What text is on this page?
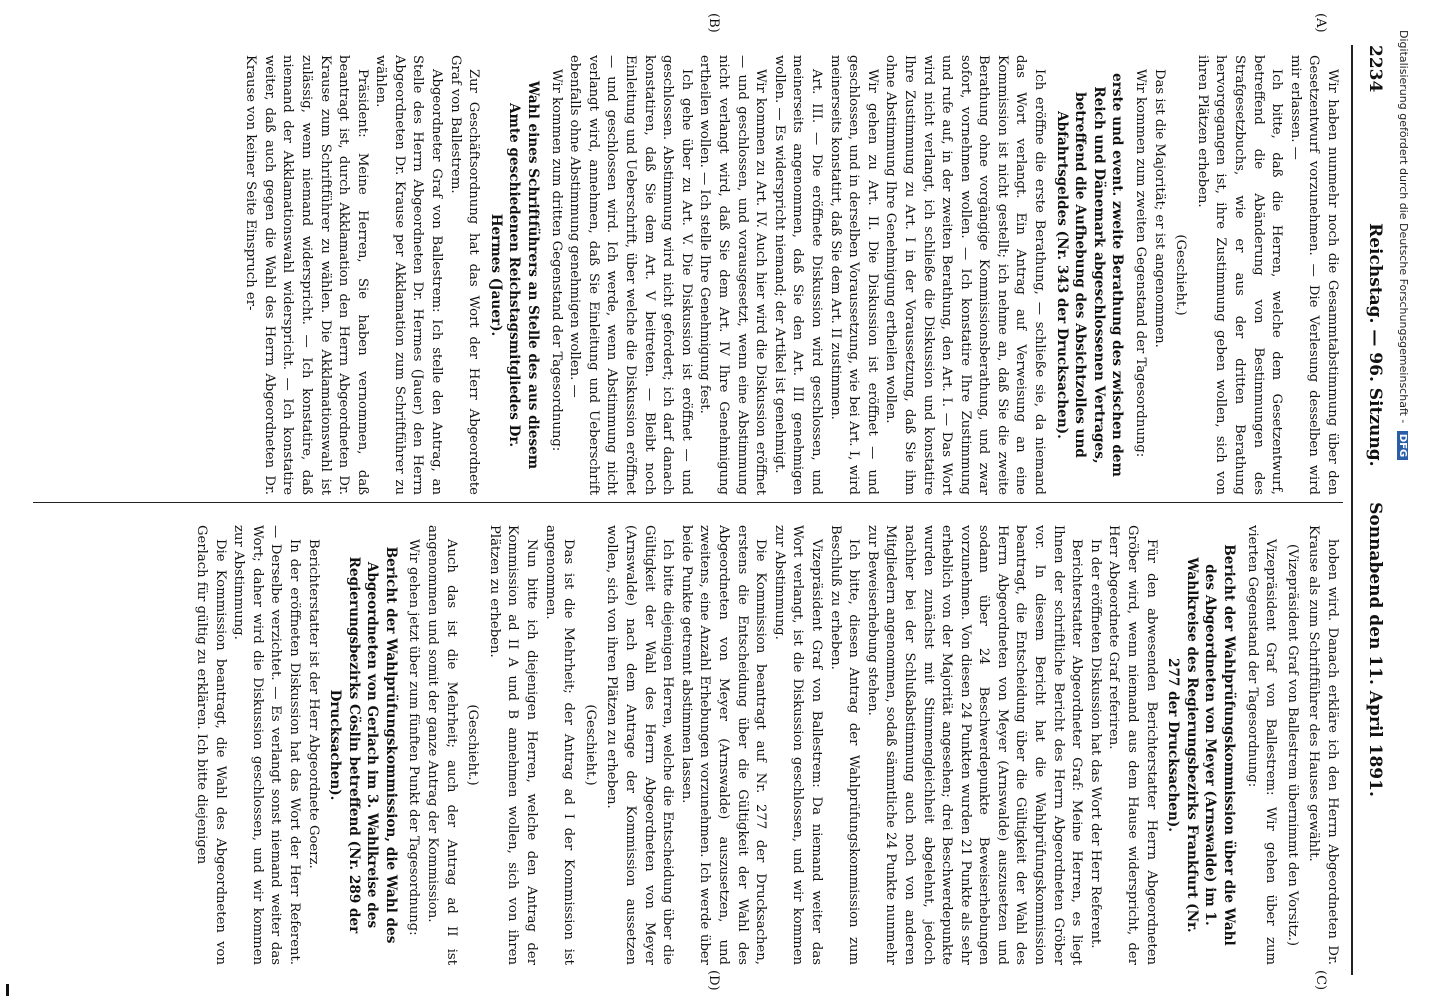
2234
Reichstag. — 96. Sitzung.      Sonnabend den 11. April 1891.
(A)
(B)
(C)
(D)

Wir haben nunmehr noch die Gesammtabstimmung über den Gesetzentwurf vorzunehmen. — Die Verlesung desselben wird mir erlassen. —

Ich bitte, daß die Herren, welche dem Gesetzentwurf, betreffend die Abänderung von Bestimmungen des Strafgesetzbuchs, wie er aus der dritten Berathung hervorgegangen ist, ihre Zustimmung geben wollen, sich von ihren Plätzen erheben.

(Geschieht.)

Das ist die Majorität; er ist angenommen.

Wir kommen zum zweiten Gegenstand der Tagesordnung:

erste und event. zweite Berathung des zwischen dem Reich und Dänemark abgeschlossenen Vertrages, betreffend die Aufhebung des Absichtzolles und Abfahrtsgeldes (Nr. 343 der Drucksachen).

Ich eröffne die erste Berathung, — schließe sie, da niemand das Wort verlangt. Ein Antrag auf Verweisung an eine Kommission ist nicht gestellt; ich nehme an, daß Sie die zweite Berathung ohne vorgängige Kommissionsberathung, und zwar sofort, vornehmen wollen. — Ich konstatire Ihre Zustimmung und rufe auf, in der zweiten Berathung, den Art. I. — Das Wort wird nicht verlangt, ich schließe die Diskussion und konstatire Ihre Zustimmung zu Art. I in der Voraussetzung, daß Sie ihm ohne Abstimmung Ihre Genehmigung ertheilen wollen.

Wir gehen zu Art. II. Die Diskussion ist eröffnet — und geschlossen, und in derselben Voraussetzung, wie bei Art. I, wird meinerseits konstatirt, daß Sie dem Art. II zustimmen.

Art. III. — Die eröffnete Diskussion wird geschlossen, und meinerseits angenommen, daß Sie den Art. III genehmigen wollen. — Es widerspricht niemand; der Artikel ist genehmigt.

Wir kommen zu Art. IV. Auch hier wird die Diskussion eröffnet — und geschlossen, und vorausgesetzt, wenn eine Abstimmung nicht verlangt wird, daß Sie dem Art. IV Ihre Genehmigung ertheilen wollen. — Ich stelle Ihre Genehmigung fest.

Ich gehe über zu Art. V. Die Diskussion ist eröffnet — und geschlossen. Abstimmung wird nicht gefordert; ich darf danach konstatiren, daß Sie dem Art. V beitreten. — Bleibt noch Einleitung und Ueberschrift, über welche die Diskussion eröffnet — und geschlossen wird. Ich werde, wenn Abstimmung nicht verlangt wird, annehmen, daß Sie Einleitung und Ueberschrift ebenfalls ohne Abstimmung genehmigen wollen. —

Wir kommen zum dritten Gegenstand der Tagesordnung:

Wahl eines Schriftführers an Stelle des aus diesem Amte geschiedenen Reichstagsmitgliedes Dr. Hermes (Jauer).

Zur Geschäftsordnung hat das Wort der Herr Abgeordnete Graf von Ballestrem.

Abgeordneter Graf von Ballestrem: Ich stelle den Antrag, an Stelle des Herrn Abgeordneten Dr. Hermes (Jauer) den Herrn Abgeordneten Dr. Krause per Akklamation zum Schriftführer zu wählen.

Präsident: Meine Herren, Sie haben vernommen, daß beantragt ist, durch Akklamation den Herrn Abgeordneten Dr. Krause zum Schriftführer zu wählen. Die Akklamationswahl ist zulässig, wenn niemand widerspricht. — Ich konstatire, daß niemand der Akklamationswahl widerspricht. — Ich konstatire weiter, daß auch gegen die Wahl des Herrn Abgeordneten Dr. Krause von keiner Seite Einspruch er-

hoben wird. Danach erkläre ich den Herrn Abgeordneten Dr. Krause als zum Schriftführer des Hauses gewählt.

(Vizepräsident Graf von Ballestrem übernimmt den Vorsitz.)

Vizepräsident Graf von Ballestrem: Wir gehen über zum vierten Gegenstand der Tagesordnung:

Bericht der Wahlprüfungskommission über die Wahl des Abgeordneten von Meyer (Arnswalde) im 1. Wahlkreise des Regierungsbezirks Frankfurt (Nr. 277 der Drucksachen).

Für den abwesenden Berichterstatter Herrn Abgeordneten Gröber wird, wenn niemand aus dem Hause widerspricht, der Herr Abgeordnete Graf referiren.

In der eröffneten Diskussion hat das Wort der Herr Referent.

Berichterstatter Abgeordneter Graf: Meine Herren, es liegt Ihnen der schriftliche Bericht des Herrn Abgeordneten Gröber vor. In diesem Bericht hat die Wahlprüfungskommission beantragt, die Entscheidung über die Gültigkeit der Wahl des Herrn Abgeordneten von Meyer (Arnswalde) auszusetzen und sodann über 24 Beschwerdepunkte Beweiserhebungen vorzunehmen. Von diesen 24 Punkten wurden 21 Punkte als sehr erheblich von der Majorität angesehen; drei Beschwerdepunkte wurden zunächst mit Stimmengleichheit abgelehnt, jedoch nachher bei der Schlußabstimmung auch noch von anderen Mitgliedern angenommen, sodaß sämmtliche 24 Punkte nunmehr zur Beweiserhebung stehen.

Ich bitte, diesen Antrag der Wahlprüfungskommission zum Beschluß zu erheben.

Vizepräsident Graf von Ballestrem: Da niemand weiter das Wort verlangt, ist die Diskussion geschlossen, und wir kommen zur Abstimmung.

Die Kommission beantragt auf Nr. 277 der Drucksachen, erstens die Entscheidung über die Gültigkeit der Wahl des Abgeordneten von Meyer (Arnswalde) auszusetzen, und zweitens, eine Anzahl Erhebungen vorzunehmen. Ich werde über beide Punkte getrennt abstimmen lassen.

Ich bitte diejenigen Herren, welche die Entscheidung über die Gültigkeit der Wahl des Herrn Abgeordneten von Meyer (Arnswalde) nach dem Antrage der Kommission aussetzen wollen, sich von ihren Plätzen zu erheben.

(Geschieht.)

Das ist die Mehrheit; der Antrag ad I der Kommission ist angenommen.

Nun bitte ich diejenigen Herren, welche den Antrag der Kommission ad II A und B annehmen wollen, sich von ihren Plätzen zu erheben.

(Geschieht.)

Auch das ist die Mehrheit; auch der Antrag ad II ist angenommen und somit der ganze Antrag der Kommission.

Wir gehen jetzt über zum fünften Punkt der Tagesordnung:

Bericht der Wahlprüfungskommission, die Wahl des Abgeordneten von Gerlach im 3. Wahlkreise des Regierungsbezirks Cöslin betreffend (Nr. 289 der Drucksachen).

Berichterstatter ist der Herr Abgeordnete Goerz.

In der eröffneten Diskussion hat das Wort der Herr Referent. — Derselbe verzichtet. — Es verlangt sonst niemand weiter das Wort; daher wird die Diskussion geschlossen, und wir kommen zur Abstimmung.

Die Kommission beantragt, die Wahl des Abgeordneten von Gerlach für gültig zu erklären. Ich bitte diejenigen

Digitalisierung gefördert durch die Deutsche Forschungsgemeinschaft - DFG
